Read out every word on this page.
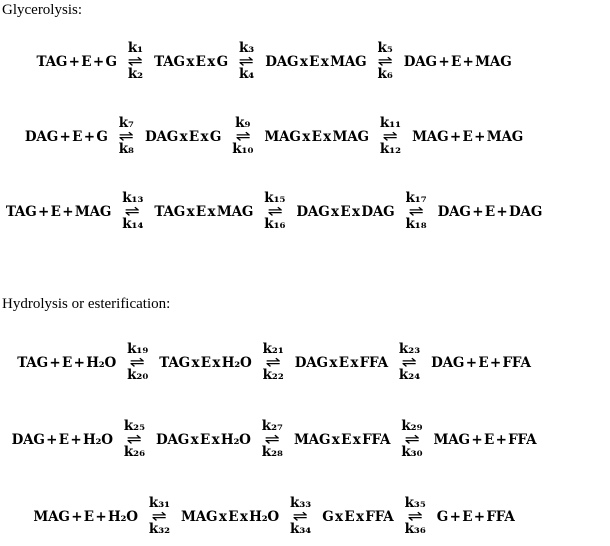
Glycerolysis:
TAG + E + G
k₁
⇌
k₂
TAG x E x G
k₃
⇌
k₄
DAG x E x MAG
k₅
⇌
k₆
DAG + E + MAG
DAG + E + G
k₇
⇌
k₈
DAG x E x G
k₉
⇌
k₁₀
MAG x E x MAG
k₁₁
⇌
k₁₂
MAG + E + MAG
TAG + E + MAG
k₁₃
⇌
k₁₄
TAG x E x MAG
k₁₅
⇌
k₁₆
DAG x E x DAG
k₁₇
⇌
k₁₈
DAG + E + DAG
Hydrolysis or esterification:
TAG + E + H₂O
k₁₉
⇌
k₂₀
TAG x E x H₂O
k₂₁
⇌
k₂₂
DAG x E x FFA
k₂₃
⇌
k₂₄
DAG + E + FFA
DAG + E + H₂O
k₂₅
⇌
k₂₆
DAG x E x H₂O
k₂₇
⇌
k₂₈
MAG x E x FFA
k₂₉
⇌
k₃₀
MAG + E + FFA
MAG + E + H₂O
k₃₁
⇌
k₃₂
MAG x E x H₂O
k₃₃
⇌
k₃₄
G x E x FFA
k₃₅
⇌
k₃₆
G + E + FFA
